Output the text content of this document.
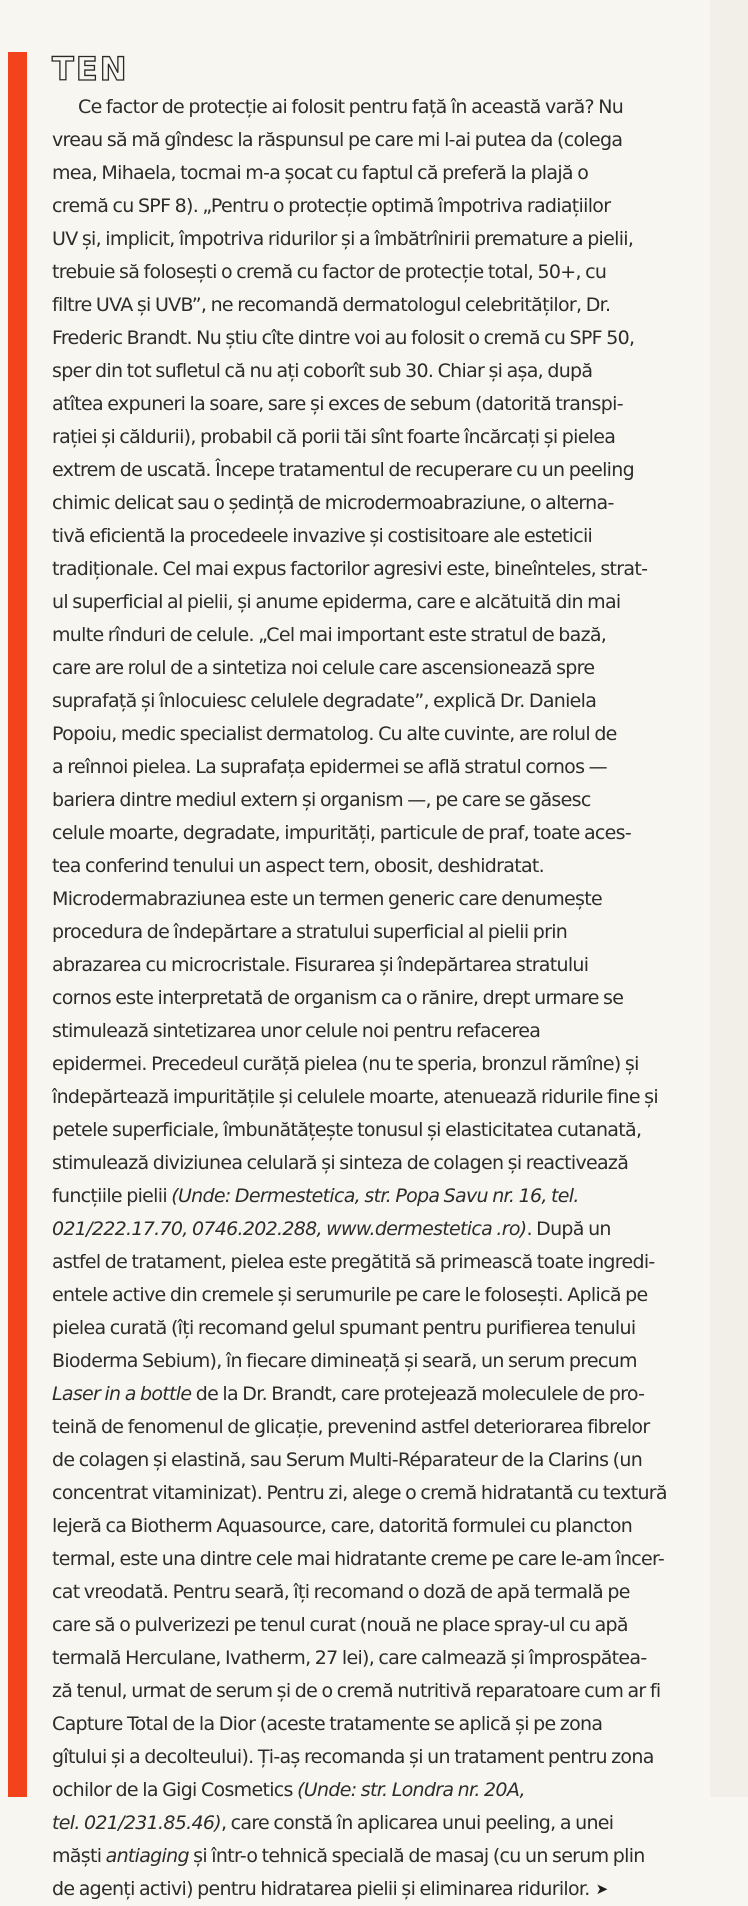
TEN
Ce factor de protecție ai folosit pentru față în această vară? Nu
vreau să mă gîndesc la răspunsul pe care mi l-ai putea da (colega
mea, Mihaela, tocmai m-a șocat cu faptul că preferă la plajă o
cremă cu SPF 8). „Pentru o protecție optimă împotriva radiațiilor
UV și, implicit, împotriva ridurilor și a îmbătrînirii premature a pielii,
trebuie să folosești o cremă cu factor de protecție total, 50+, cu
filtre UVA și UVB”, ne recomandă dermatologul celebrităților, Dr.
Frederic Brandt. Nu știu cîte dintre voi au folosit o cremă cu SPF 50,
sper din tot sufletul că nu ați coborît sub 30. Chiar și așa, după
atîtea expuneri la soare, sare și exces de sebum (datorită transpi-
rației și căldurii), probabil că porii tăi sînt foarte încărcați și pielea
extrem de uscată. Începe tratamentul de recuperare cu un peeling
chimic delicat sau o ședință de microdermoabraziune, o alterna-
tivă eficientă la procedeele invazive și costisitoare ale esteticii
tradiționale. Cel mai expus factorilor agresivi este, bineînteles, strat-
ul superficial al pielii, și anume epiderma, care e alcătuită din mai
multe rînduri de celule. „Cel mai important este stratul de bază,
care are rolul de a sintetiza noi celule care ascensionează spre
suprafață și înlocuiesc celulele degradate”, explică Dr. Daniela
Popoiu, medic specialist dermatolog. Cu alte cuvinte, are rolul de
a reînnoi pielea. La suprafața epidermei se află stratul cornos —
bariera dintre mediul extern și organism —, pe care se găsesc
celule moarte, degradate, impurități, particule de praf, toate aces-
tea conferind tenului un aspect tern, obosit, deshidratat.
Microdermabraziunea este un termen generic care denumește
procedura de îndepărtare a stratului superficial al pielii prin
abrazarea cu microcristale. Fisurarea și îndepărtarea stratului
cornos este interpretată de organism ca o rănire, drept urmare se
stimulează sintetizarea unor celule noi pentru refacerea
epidermei. Precedeul curăță pielea (nu te speria, bronzul rămîne) și
îndepărtează impuritățile și celulele moarte, atenuează ridurile fine și
petele superficiale, îmbunătățește tonusul și elasticitatea cutanată,
stimulează diviziunea celulară și sinteza de colagen și reactivează
funcțiile pielii (Unde: Dermestetica, str. Popa Savu nr. 16, tel.
021/222.17.70, 0746.202.288, www.dermestetica .ro). După un
astfel de tratament, pielea este pregătită să primească toate ingredi-
entele active din cremele și serumurile pe care le folosești. Aplică pe
pielea curată (îți recomand gelul spumant pentru purifierea tenului
Bioderma Sebium), în fiecare dimineață și seară, un serum precum
Laser in a bottle de la Dr. Brandt, care protejează moleculele de pro-
teină de fenomenul de glicație, prevenind astfel deteriorarea fibrelor
de colagen și elastină, sau Serum Multi-Réparateur de la Clarins (un
concentrat vitaminizat). Pentru zi, alege o cremă hidratantă cu textură
lejeră ca Biotherm Aquasource, care, datorită formulei cu plancton
termal, este una dintre cele mai hidratante creme pe care le-am încer-
cat vreodată. Pentru seară, îți recomand o doză de apă termală pe
care să o pulverizezi pe tenul curat (nouă ne place spray-ul cu apă
termală Herculane, Ivatherm, 27 lei), care calmează și împrospătea-
ză tenul, urmat de serum și de o cremă nutritivă reparatoare cum ar fi
Capture Total de la Dior (aceste tratamente se aplică și pe zona
gîtului și a decolteului). Ți-aș recomanda și un tratament pentru zona
ochilor de la Gigi Cosmetics (Unde: str. Londra nr. 20A,
tel. 021/231.85.46), care constă în aplicarea unui peeling, a unei
măști antiaging și într-o tehnică specială de masaj (cu un serum plin
de agenți activi) pentru hidratarea pielii și eliminarea ridurilor. ➤
